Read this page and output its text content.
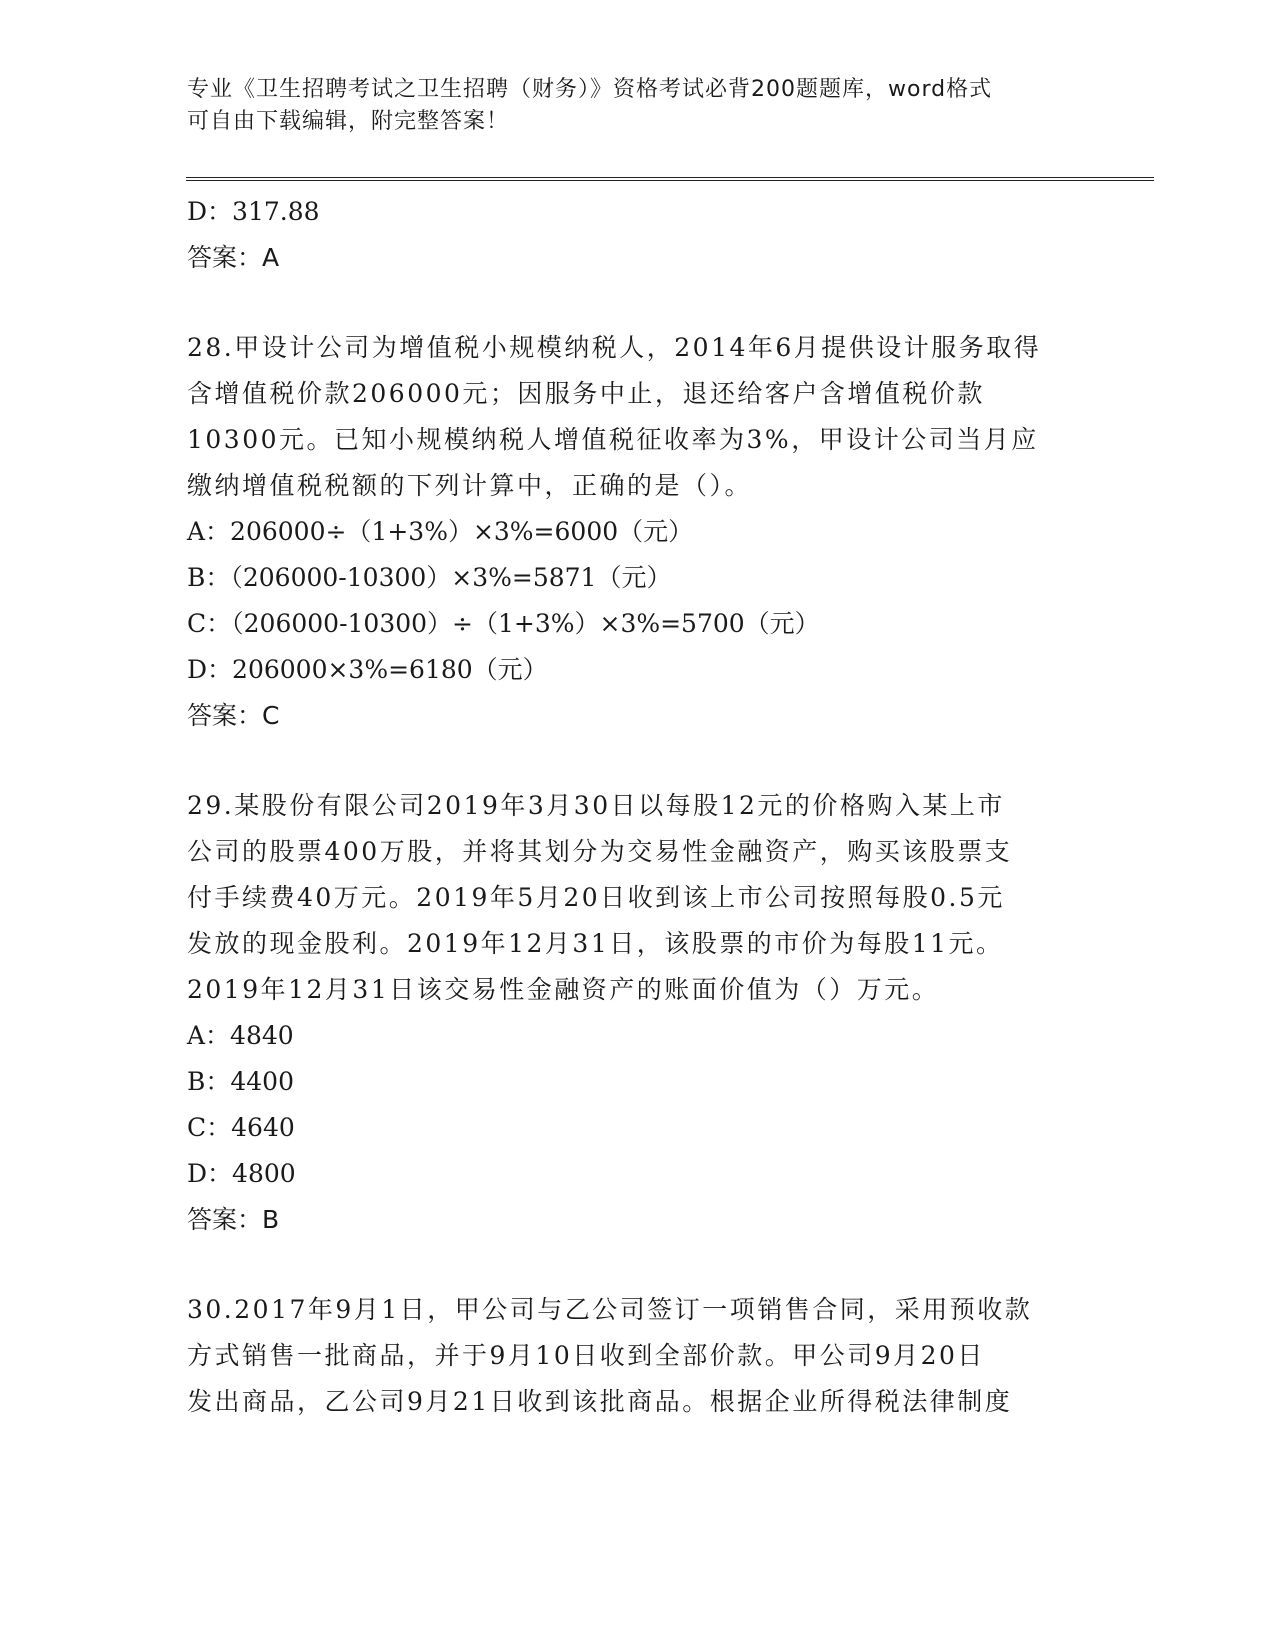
专业《卫生招聘考试之卫生招聘（财务）》资格考试必背200题题库，word格式
可自由下载编辑，附完整答案！
D：317.88
答案：A
28.甲设计公司为增值税小规模纳税人，2014年6月提供设计服务取得
含增值税价款206000元；因服务中止，退还给客户含增值税价款
10300元。已知小规模纳税人增值税征收率为3%，甲设计公司当月应
缴纳增值税税额的下列计算中，正确的是（）。
A：206000÷（1+3%）×3%=6000（元）
B：（206000-10300）×3%=5871（元）
C：（206000-10300）÷（1+3%）×3%=5700（元）
D：206000×3%=6180（元）
答案：C
29.某股份有限公司2019年3月30日以每股12元的价格购入某上市
公司的股票400万股，并将其划分为交易性金融资产，购买该股票支
付手续费40万元。2019年5月20日收到该上市公司按照每股0.5元
发放的现金股利。2019年12月31日，该股票的市价为每股11元。
2019年12月31日该交易性金融资产的账面价值为（）万元。
A：4840
B：4400
C：4640
D：4800
答案：B
30.2017年9月1日，甲公司与乙公司签订一项销售合同，采用预收款
方式销售一批商品，并于9月10日收到全部价款。甲公司9月20日
发出商品，乙公司9月21日收到该批商品。根据企业所得税法律制度
